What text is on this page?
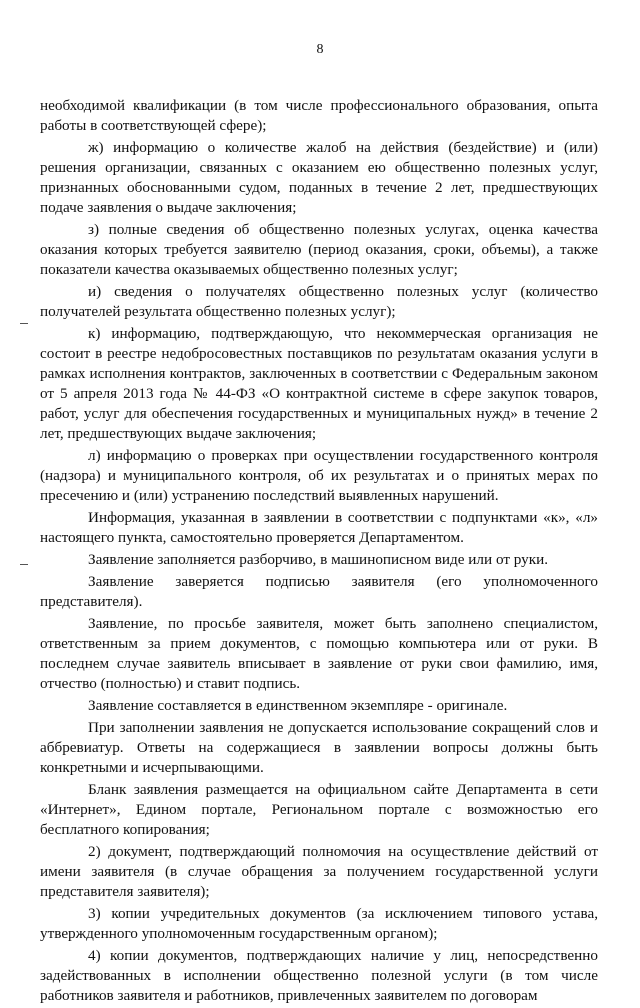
8

необходимой квалификации (в том числе профессионального образования, опыта работы в соответствующей сфере);

ж) информацию о количестве жалоб на действия (бездействие) и (или) решения организации, связанных с оказанием ею общественно полезных услуг, признанных обоснованными судом, поданных в течение 2 лет, предшествующих подаче заявления о выдаче заключения;

з) полные сведения об общественно полезных услугах, оценка качества оказания которых требуется заявителю (период оказания, сроки, объемы), а также показатели качества оказываемых общественно полезных услуг;

и) сведения о получателях общественно полезных услуг (количество получателей результата общественно полезных услуг);

к) информацию, подтверждающую, что некоммерческая организация не состоит в реестре недобросовестных поставщиков по результатам оказания услуги в рамках исполнения контрактов, заключенных в соответствии с Федеральным законом от 5 апреля 2013 года № 44-ФЗ «О контрактной системе в сфере закупок товаров, работ, услуг для обеспечения государственных и муниципальных нужд» в течение 2 лет, предшествующих выдаче заключения;

л) информацию о проверках при осуществлении государственного контроля (надзора) и муниципального контроля, об их результатах и о принятых мерах по пресечению и (или) устранению последствий выявленных нарушений.

Информация, указанная в заявлении в соответствии с подпунктами «к», «л» настоящего пункта, самостоятельно проверяется Департаментом.

Заявление заполняется разборчиво, в машинописном виде или от руки.

Заявление заверяется подписью заявителя (его уполномоченного представителя).

Заявление, по просьбе заявителя, может быть заполнено специалистом, ответственным за прием документов, с помощью компьютера или от руки. В последнем случае заявитель вписывает в заявление от руки свои фамилию, имя, отчество (полностью) и ставит подпись.

Заявление составляется в единственном экземпляре - оригинале.

При заполнении заявления не допускается использование сокращений слов и аббревиатур. Ответы на содержащиеся в заявлении вопросы должны быть конкретными и исчерпывающими.

Бланк заявления размещается на официальном сайте Департамента в сети «Интернет», Едином портале, Региональном портале с возможностью его бесплатного копирования;

2) документ, подтверждающий полномочия на осуществление действий от имени заявителя (в случае обращения за получением государственной услуги представителя заявителя);

3) копии учредительных документов (за исключением типового устава, утвержденного уполномоченным государственным органом);

4) копии документов, подтверждающих наличие у лиц, непосредственно задействованных в исполнении общественно полезной услуги (в том числе работников заявителя и работников, привлеченных заявителем по договорам
